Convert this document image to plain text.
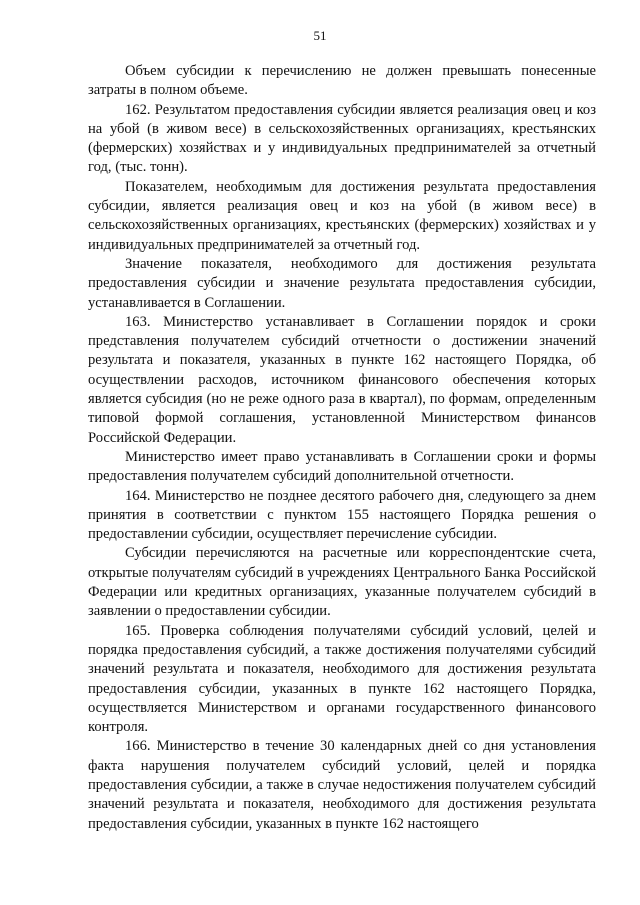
51

Объем субсидии к перечислению не должен превышать понесенные затраты в полном объеме.

162. Результатом предоставления субсидии является реализация овец и коз на убой (в живом весе) в сельскохозяйственных организациях, крестьянских (фермерских) хозяйствах и у индивидуальных предпринимателей за отчетный год, (тыс. тонн).

Показателем, необходимым для достижения результата предоставления субсидии, является реализация овец и коз на убой (в живом весе) в сельскохозяйственных организациях, крестьянских (фермерских) хозяйствах и у индивидуальных предпринимателей за отчетный год.

Значение показателя, необходимого для достижения результата предоставления субсидии и значение результата предоставления субсидии, устанавливается в Соглашении.

163. Министерство устанавливает в Соглашении порядок и сроки представления получателем субсидий отчетности о достижении значений результата и показателя, указанных в пункте 162 настоящего Порядка, об осуществлении расходов, источником финансового обеспечения которых является субсидия (но не реже одного раза в квартал), по формам, определенным типовой формой соглашения, установленной Министерством финансов Российской Федерации.

Министерство имеет право устанавливать в Соглашении сроки и формы предоставления получателем субсидий дополнительной отчетности.

164. Министерство не позднее десятого рабочего дня, следующего за днем принятия в соответствии с пунктом 155 настоящего Порядка решения о предоставлении субсидии, осуществляет перечисление субсидии.

Субсидии перечисляются на расчетные или корреспондентские счета, открытые получателям субсидий в учреждениях Центрального Банка Российской Федерации или кредитных организациях, указанные получателем субсидий в заявлении о предоставлении субсидии.

165. Проверка соблюдения получателями субсидий условий, целей и порядка предоставления субсидий, а также достижения получателями субсидий значений результата и показателя, необходимого для достижения результата предоставления субсидии, указанных в пункте 162 настоящего Порядка, осуществляется Министерством и органами государственного финансового контроля.

166. Министерство в течение 30 календарных дней со дня установления факта нарушения получателем субсидий условий, целей и порядка предоставления субсидии, а также в случае недостижения получателем субсидий значений результата и показателя, необходимого для достижения результата предоставления субсидии, указанных в пункте 162 настоящего
